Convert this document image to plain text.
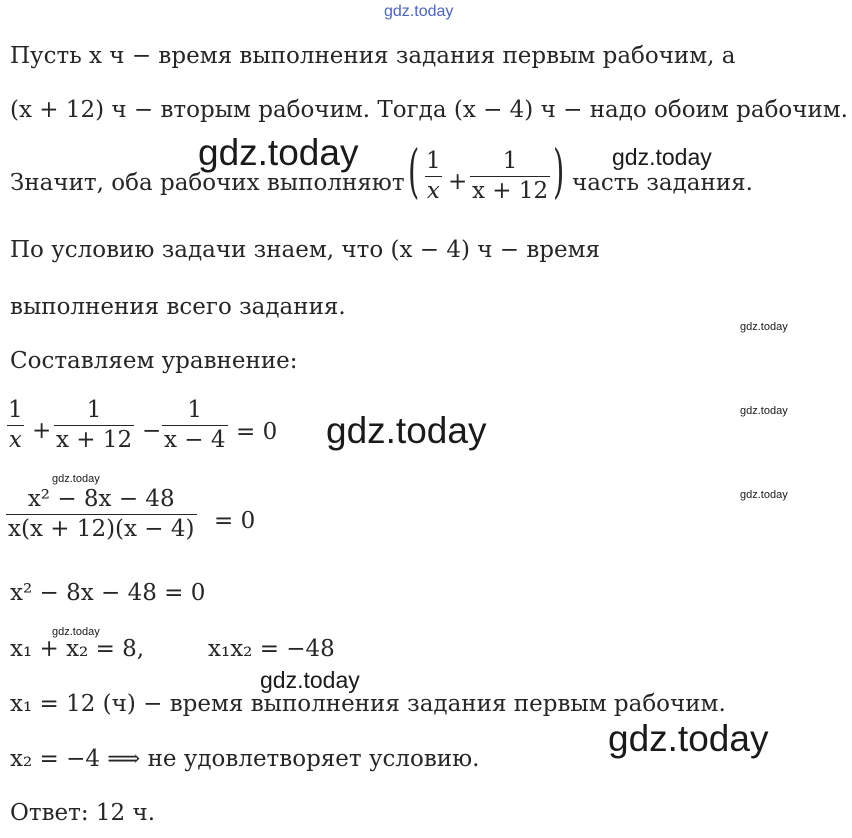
gdz.today
Пусть x ч − время выполнения задания первым рабочим, а
(x + 12) ч − вторым рабочим. Тогда (x − 4) ч − надо обоим рабочим.
gdz.today	gdz.today
Значит, оба рабочих выполняют ( $\frac{1}{x} + \frac{1}{x + 12}$ ) часть задания.
По условию задачи знаем, что (x − 4) ч − время
выполнения всего задания.
gdz.today
Составляем уравнение:
$\frac{1}{x} + \frac{1}{x + 12} - \frac{1}{x - 4} = 0$ gdz.today	gdz.today
gdz.today
$\frac{\text{x² − 8x − 48}}{x(x + 12)(x - 4)} = 0$
gdz.today
x² − 8x − 48 = 0
gdz.today
x₁ + x₂ = 8,	x₁x₂ = −48
gdz.today
x₁ = 12 (ч) − время выполнения задания первым рабочим.
gdz.today
x₂ = −4 ⟹ не удовлетворяет условию.
Ответ: 12 ч.
